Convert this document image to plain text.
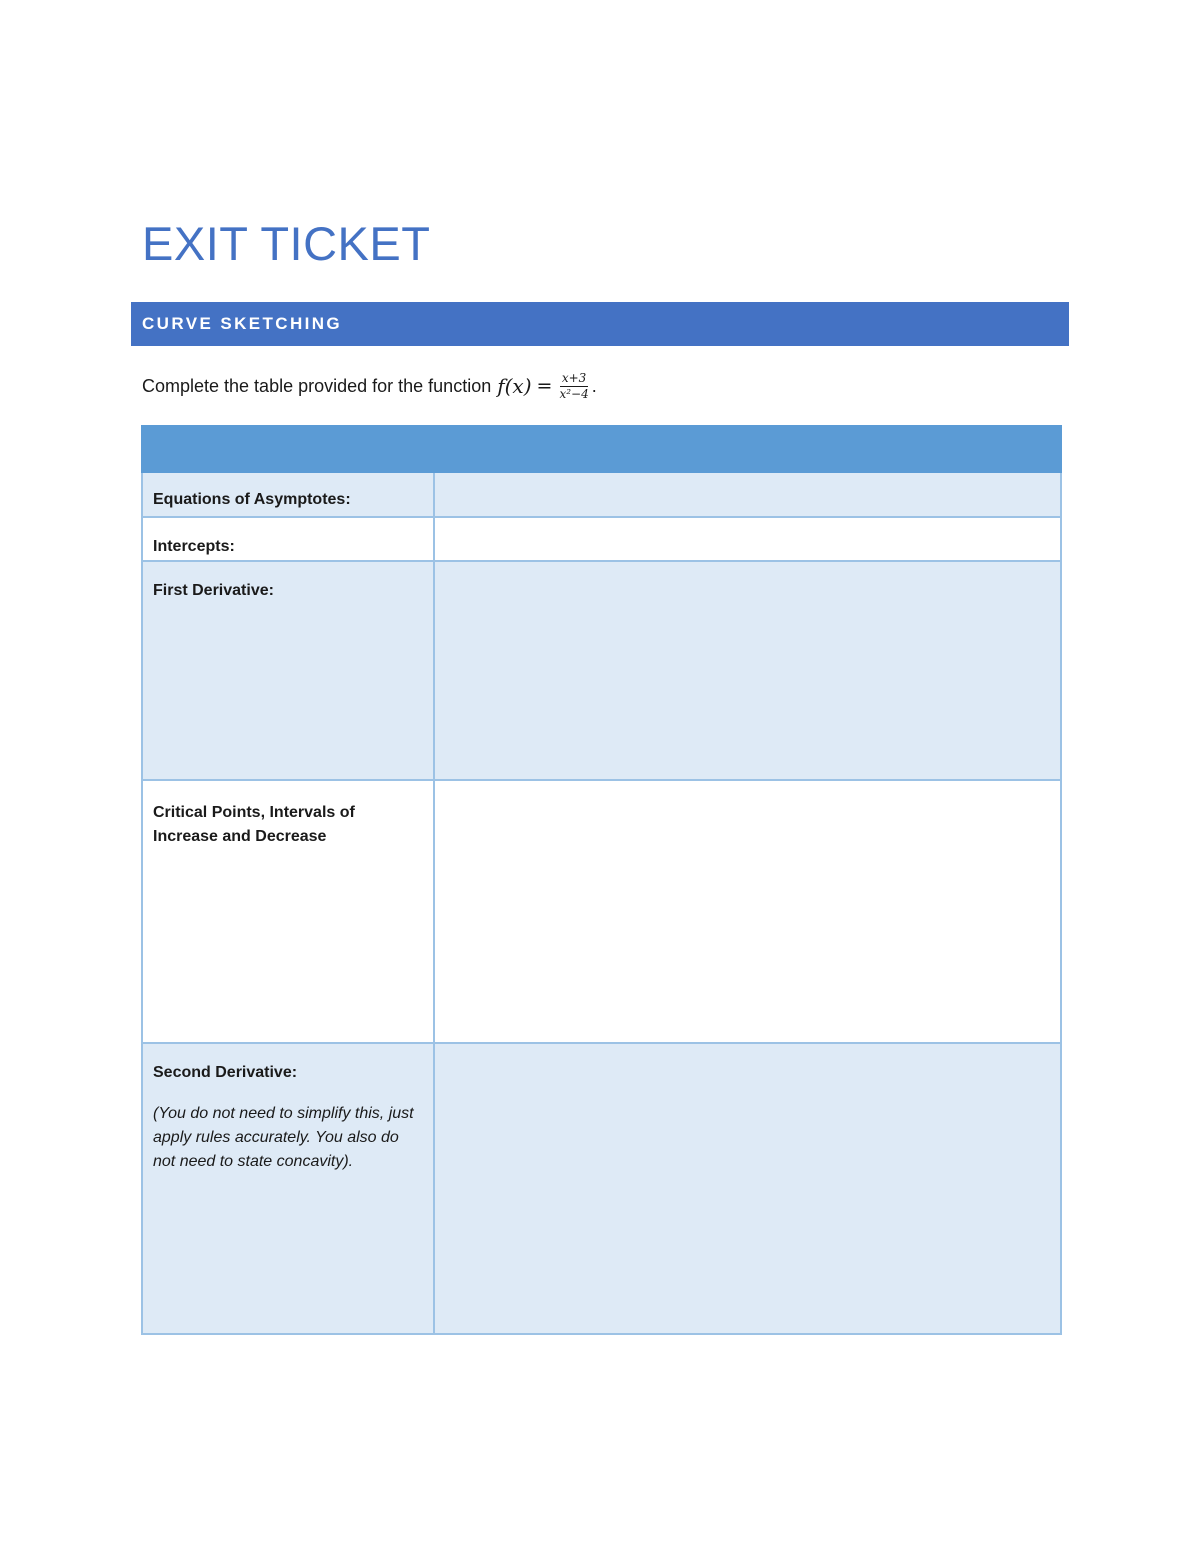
EXIT TICKET
CURVE SKETCHING
Complete the table provided for the function $f(x) = \frac{x+3}{\text{x²−4}}$ .

Equations of Asymptotes:	

Intercepts:	

First Derivative:	

Critical Points, Intervals of Increase and Decrease	

Second Derivative:
(You do not need to simplify this, just apply rules accurately. You also do not need to state concavity).	
